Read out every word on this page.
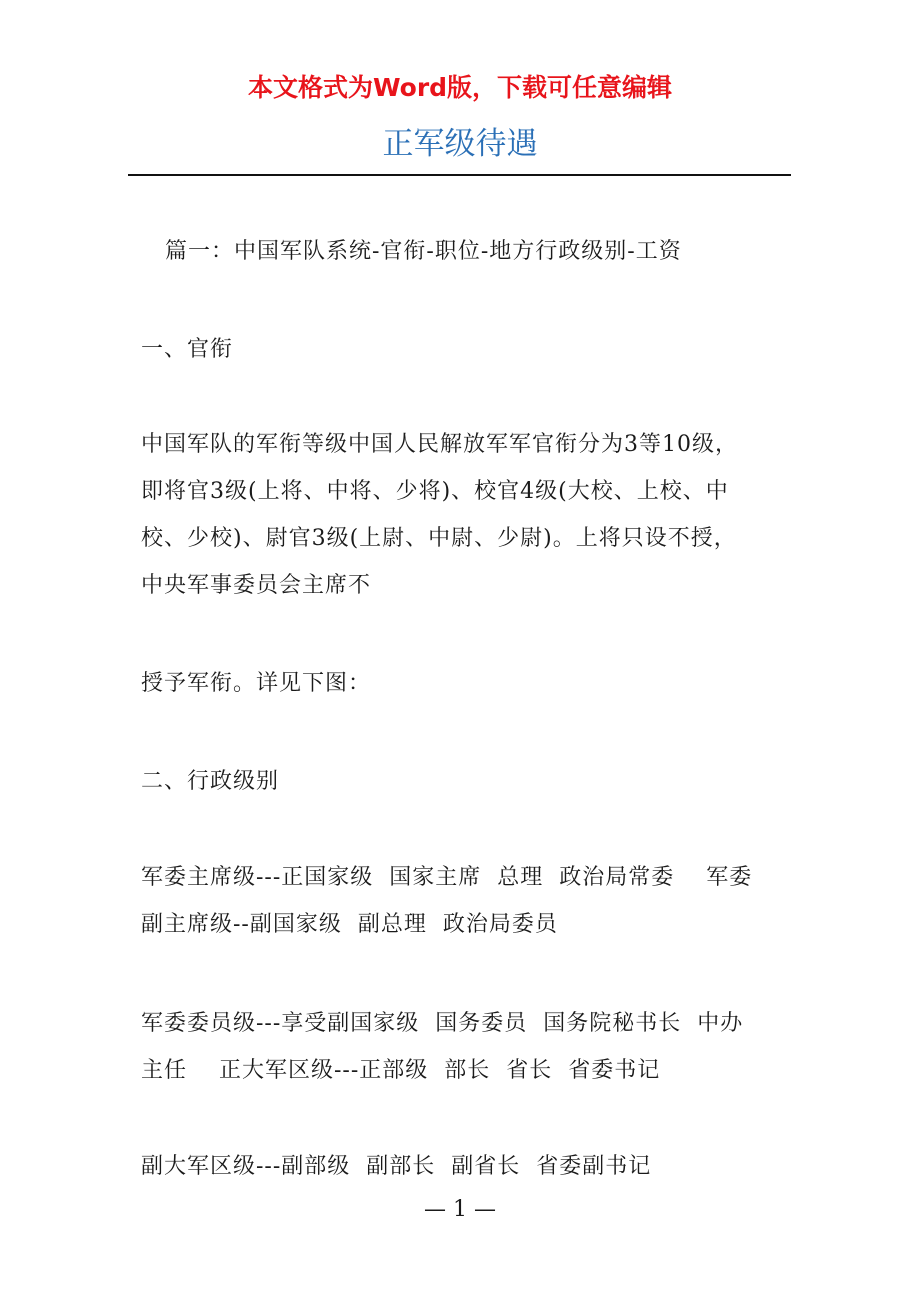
本文格式为Word版，下载可任意编辑
正军级待遇

篇一：中国军队系统-官衔-职位-地方行政级别-工资

一、官衔

中国军队的军衔等级中国人民解放军军官衔分为3等10级，
即将官3级(上将、中将、少将)、校官4级(大校、上校、中
校、少校)、尉官3级(上尉、中尉、少尉)。上将只设不授，
中央军事委员会主席不

授予军衔。详见下图：

二、行政级别

军委主席级---正国家级  国家主席  总理  政治局常委    军委
副主席级--副国家级  副总理  政治局委员

军委委员级---享受副国家级  国务委员  国务院秘书长  中办
主任    正大军区级---正部级  部长  省长  省委书记

副大军区级---副部级  副部长  副省长  省委副书记

— 1 —
